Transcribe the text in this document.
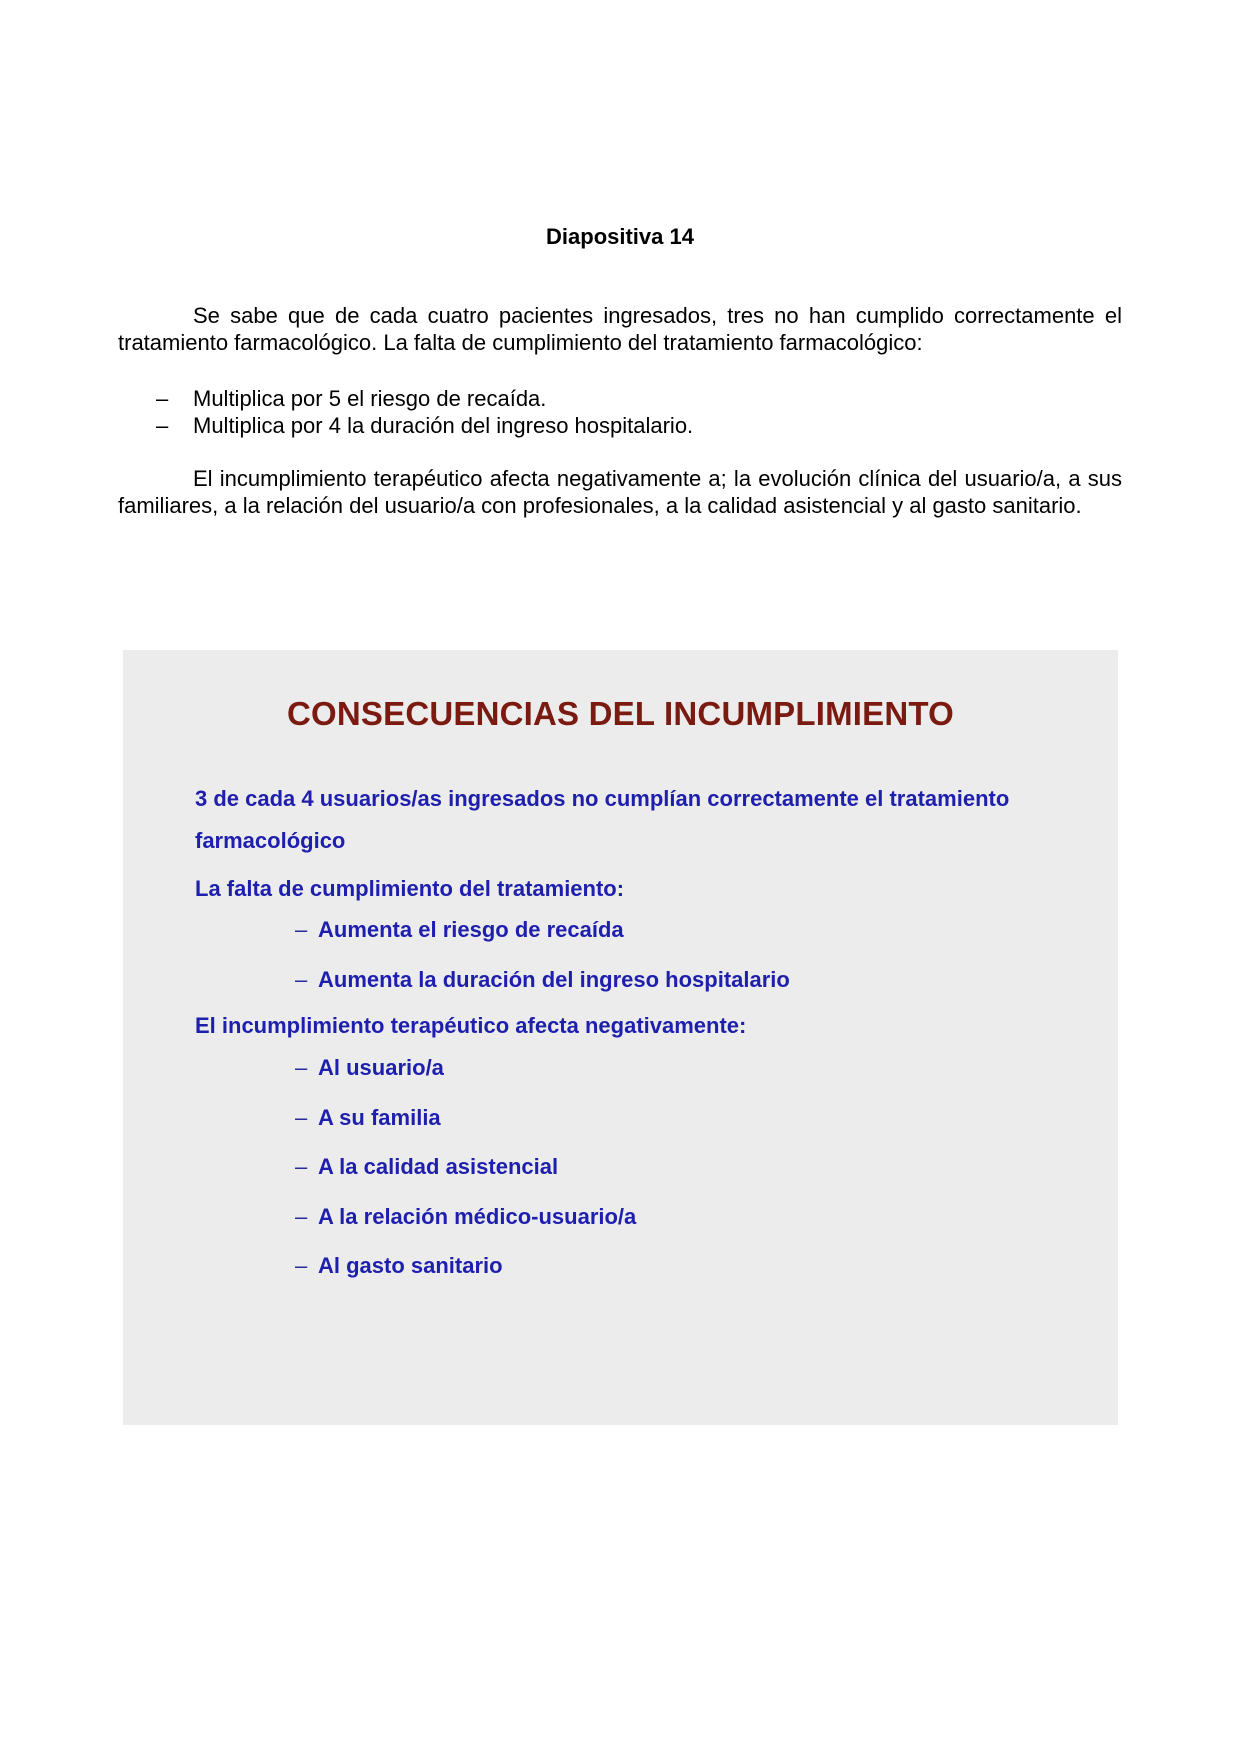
Diapositiva 14

Se sabe que de cada cuatro pacientes ingresados, tres no han cumplido correctamente el tratamiento farmacológico. La falta de cumplimiento del tratamiento farmacológico:

– Multiplica por 5 el riesgo de recaída.
– Multiplica por 4 la duración del ingreso hospitalario.

El incumplimiento terapéutico afecta negativamente a; la evolución clínica del usuario/a, a sus familiares, a la relación del usuario/a con profesionales, a la calidad asistencial y al gasto sanitario.

CONSECUENCIAS DEL INCUMPLIMIENTO

3 de cada 4 usuarios/as ingresados no cumplían correctamente el tratamiento farmacológico

La falta de cumplimiento del tratamiento:

– Aumenta el riesgo de recaída
– Aumenta la duración del ingreso hospitalario

El incumplimiento terapéutico afecta negativamente:

– Al usuario/a
– A su familia
– A la calidad asistencial
– A la relación médico-usuario/a
– Al gasto sanitario
